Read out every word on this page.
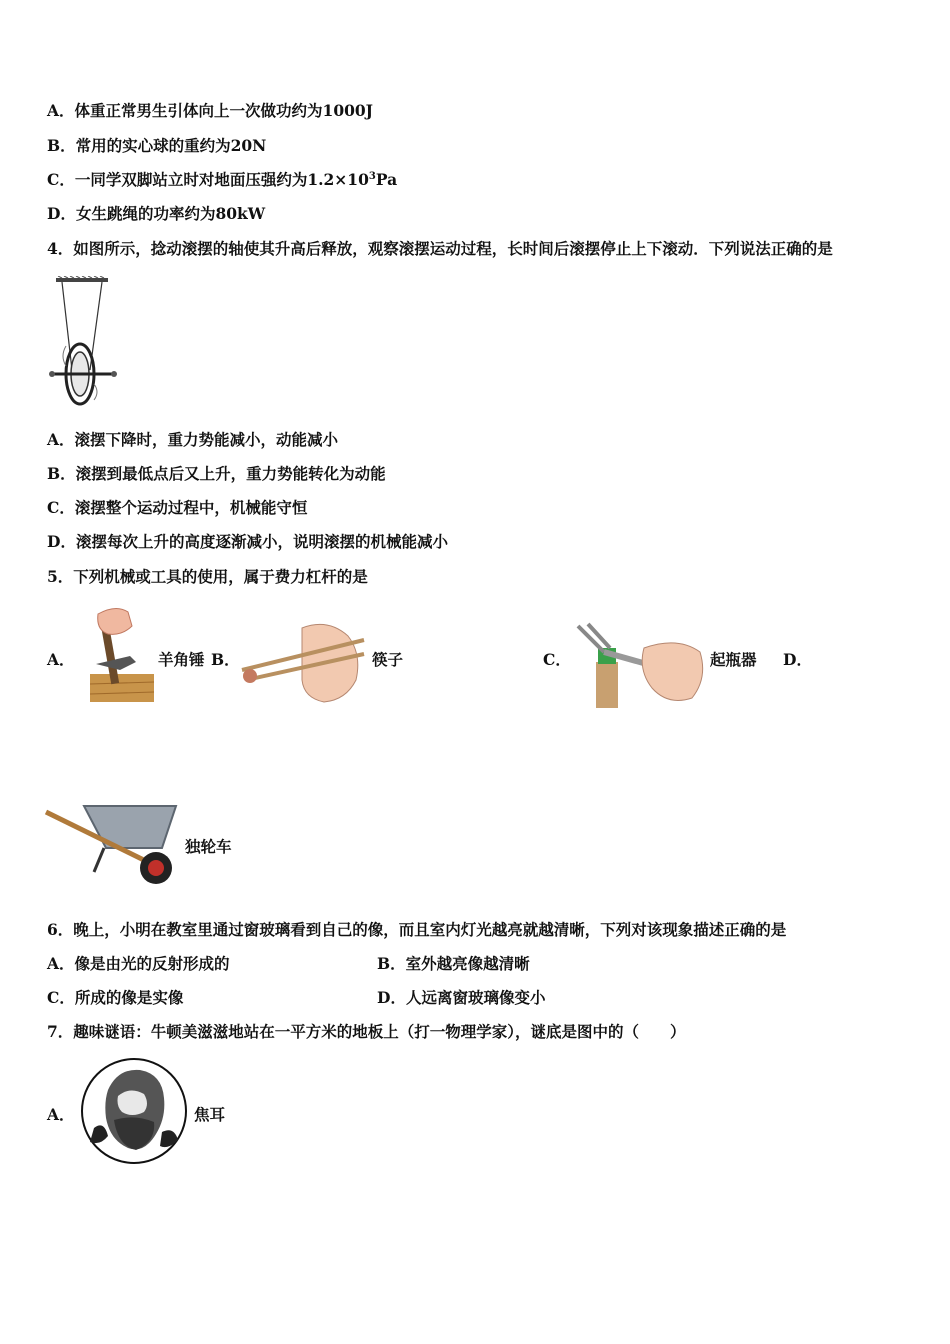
A．体重正常男生引体向上一次做功约为1000J
B．常用的实心球的重约为20N
C．一同学双脚站立时对地面压强约为$1.2\times 10^3Pa$
D．女生跳绳的功率约为80kW
4．如图所示，捻动滚摆的轴使其升高后释放，观察滚摆运动过程，长时间后滚摆停止上下滚动．下列说法正确的是
A．滚摆下降时，重力势能减小，动能减小
B．滚摆到最低点后又上升，重力势能转化为动能
C．滚摆整个运动过程中，机械能守恒
D．滚摆每次上升的高度逐渐减小，说明滚摆的机械能减小
5．下列机械或工具的使用，属于费力杠杆的是
A．	羊角锤 B．	筷子	C．	起瓶器 D．
独轮车
6．晚上，小明在教室里通过窗玻璃看到自己的像，而且室内灯光越亮就越清晰，下列对该现象描述正确的是
A．像是由光的反射形成的	B．室外越亮像越清晰
C．所成的像是实像	D．人远离窗玻璃像变小
7．趣味谜语：牛顿美滋滋地站在一平方米的地板上（打一物理学家），谜底是图中的（　　）
A．	焦耳
